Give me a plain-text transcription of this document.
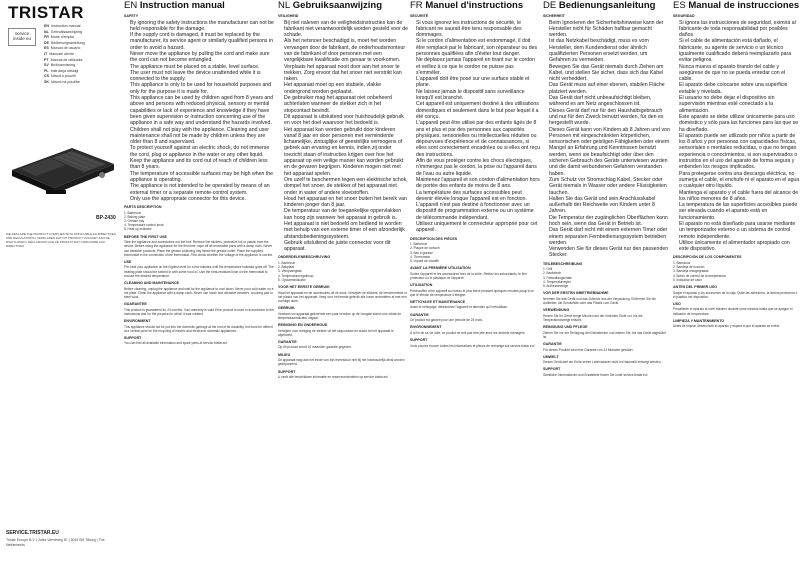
TRISTAR
service inside eu
EN Instruction manual
NL Gebruiksaanwijzing
FR Mode d'emploi
DE Bedienungsanleitung
ES Manual de usuario
IT Manuale utente
PT Manual de utilizador
SV Bruksanvisning
PL Instrukcja obsługi
CS Návod k použití
SK Návod na použitie
BP-2430
WE DECLARE THE PRODUCT COMPLIES WITH APPLICABLE EU DIRECTIVES AND REGULATIONS | VERKLAREN DAT DIT PRODUCT VOLDOET AAN DE RICHTLIJNEN | DÉCLARONS QUE CE PRODUIT EST CONFORME AUX DIRECTIVES
SERVICE.TRISTAR.EU
Tristar Europe B.V. | Jules Verneweg 87 | 5015 BH Tilburg | The Netherlands
EN Instruction manual
SAFETY
• By ignoring the safety instructions the manufacturer can not be held responsible for the damage.
• If the supply cord is damaged, it must be replaced by the manufacturer, its service agent or similarly qualified persons in order to avoid a hazard.
• Never move the appliance by pulling the cord and make sure the cord can not become entangled.
• The appliance must be placed on a stable, level surface.
• The user must not leave the device unattended while it is connected to the supply.
• This appliance is only to be used for household purposes and only for the purpose it is made for.
• This appliance can be used by children aged from 8 years and above and persons with reduced physical, sensory or mental capabilities or lack of experience and knowledge if they have been given supervision or instruction concerning use of the appliance in a safe way and understand the hazards involved. Children shall not play with the appliance. Cleaning and user maintenance shall not be made by children unless they are older than 8 and supervised.
• To protect yourself against an electric shock, do not immerse the cord, plug or appliance in the water or any other liquid.
• Keep the appliance and its cord out of reach of children less than 8 years.
• The temperature of accessible surfaces may be high when the appliance is operating.
• The appliance is not intended to be operated by means of an external timer or a separate remote-control system.
• Only use the appropriate connector for this device.
PARTS DESCRIPTION
1. Barbecue
2. Baking plate
3. Grease tray
4. Temperature control knob
5. Heat up indicator
BEFORE THE FIRST USE

Take the appliance and accessories out the box. Remove the stickers, protective foil or plastic from the device. Before using the appliance for the first time, wipe off all removable parts with a damp cloth. Never use abrasive products. Place the grease collecting tray below the grease outlet. Place the supplied thermostat in the connection of the thermostat. First check whether the voltage of the appliance is correct.

USE

Pre-heat your appliance on the highest level for a few minutes until the temperature indicator goes off. The heating plate should be rubbed in with some food oil. Use the heat-resistant knob on the thermostat to choose the desired temperature.

CLEANING AND MAINTENANCE

Before cleaning, unplug the appliance and wait for the appliance to cool down. Never pour cold water on a hot plate. Clean the appliance with a damp cloth. Never use harsh and abrasive cleaners, scouring pad or steel wool.

GUARANTEE

This product is guaranteed for 24 months. Your warranty is valid if the product is used in accordance to the instructions and for the purpose for which it was created.

ENVIRONMENT

This appliance should not be put into the domestic garbage at the end of its durability, but must be offered at a central point for the recycling of electric and electronic domestic appliances.

SUPPORT

You can find all available information and spare parts at service.tristar.eu!

NL Gebruiksaanwijzing
VEILIGHEID
• Bij niet naleven van de veiligheidsinstructies kan de fabrikant niet verantwoordelijk worden gesteld voor de schade.
• Als het netsnoer beschadigd is, moet het worden vervangen door de fabrikant, de onderhoudsmonteur van de fabrikant of door personen met een vergelijkbare kwalificatie om gevaar te voorkomen.
• Verplaats het apparaat nooit door aan het snoer te trekken. Zorg ervoor dat het snoer niet verstrikt kan raken.
• Het apparaat moet op een stabiele, vlakke ondergrond worden geplaatst.
• De gebruiker mag het apparaat niet onbeheerd achterlaten wanneer de stekker zich in het stopcontact bevindt.
• Dit apparaat is uitsluitend voor huishoudelijk gebruik en voor het doel waarvoor het bedoeld is.
• Het apparaat kan worden gebruikt door kinderen vanaf 8 jaar en door personen met verminderde lichamelijke, zintuiglijke of geestelijke vermogens of gebrek aan ervaring en kennis, indien zij onder toezicht staan of instructies krijgen over hoe het apparaat op een veilige manier kan worden gebruikt en de gevaren begrijpen. Kinderen mogen niet met het apparaat spelen.
• Om uzelf te beschermen tegen een elektrische schok, dompel het snoer, de stekker of het apparaat niet onder in water of andere vloeistoffen.
• Houd het apparaat en het snoer buiten het bereik van kinderen jonger dan 8 jaar.
• De temperatuur van de toegankelijke oppervlakken kan hoog zijn wanneer het apparaat in gebruik is.
• Het apparaat is niet bedoeld om bediend te worden met behulp van een externe timer of een afzonderlijk afstandsbedieningssysteem.
• Gebruik uitsluitend de juiste connector voor dit apparaat.
ONDERDELENBESCHRIJVING
1. Barbecue
2. Bakplaat
3. Vetopvangbak
4. Temperatuurregelknop
5. Opwarmindicator
VOOR HET EERSTE GEBRUIK

Haal het apparaat en de accessoires uit de doos. Verwijder de stickers, de beschermfolie of het plastic van het apparaat. Veeg voor het eerste gebruik alle losse onderdelen af met een vochtige doek.

GEBRUIK

Verwarm uw apparaat gedurende een paar minuten op de hoogste stand voor totdat de temperatuurindicator uitgaat.

REINIGING EN ONDERHOUD

Verwijder voor reiniging de stekker uit het stopcontact en wacht tot het apparaat is afgekoeld.

GARANTIE

Op dit product wordt 24 maanden garantie gegeven.

MILIEU

Dit apparaat mag aan het einde van zijn levensduur niet bij het huishoudelijk afval worden gedeponeerd.

SUPPORT

U vindt alle beschikbare informatie en reserveonderdelen op service.tristar.eu!

FR Manuel d'instructions
SÉCURITÉ
• Si vous ignorez les instructions de sécurité, le fabricant ne saurait être tenu responsable des dommages.
• Si le cordon d'alimentation est endommagé, il doit être remplacé par le fabricant, son réparateur ou des personnes qualifiées afin d'éviter tout danger.
• Ne déplacez jamais l'appareil en tirant sur le cordon et veillez à ce que le cordon ne puisse pas s'emmêler.
• L'appareil doit être posé sur une surface stable et plane.
• Ne laissez jamais le dispositif sans surveillance lorsqu'il est branché.
• Cet appareil est uniquement destiné à des utilisations domestiques et seulement dans le but pour lequel il a été conçu.
• L'appareil peut être utilisé par des enfants âgés de 8 ans et plus et par des personnes aux capacités physiques, sensorielles ou intellectuelles réduites ou dépourvues d'expérience et de connaissances, si elles sont correctement encadrées ou si elles ont reçu des instructions.
• Afin de vous protéger contre les chocs électriques, n'immergez pas le cordon, la prise ou l'appareil dans de l'eau ou autre liquide.
• Maintenez l'appareil et son cordon d'alimentation hors de portée des enfants de moins de 8 ans.
• La température des surfaces accessibles peut devenir élevée lorsque l'appareil est en fonction.
• L'appareil n'est pas destiné à fonctionner avec un dispositif de programmation externe ou un système de télécommande indépendant.
• Utilisez uniquement le connecteur approprié pour cet appareil.
DESCRIPTION DES PIÈCES
1. Barbecue
2. Plaque de cuisson
3. Bac à graisse
4. Thermostat
5. Voyant de chauffe
AVANT LA PREMIÈRE UTILISATION

Sortez l'appareil et les accessoires hors de la boîte. Retirez les autocollants, le film protecteur ou le plastique de l'appareil.

UTILISATION

Préchauffez votre appareil au niveau le plus élevé pendant quelques minutes jusqu'à ce que le témoin de température s'éteigne.

NETTOYAGE ET MAINTENANCE

Avant le nettoyage, débranchez l'appareil et attendez qu'il refroidisse.

GARANTIE

Ce produit est garanti pour une période de 24 mois.

ENVIRONNEMENT

À la fin de sa vie utile, ce produit ne doit pas être jeté avec les déchets ménagers.

SUPPORT

Vous pouvez trouver toutes les informations et pièces de rechange sur service.tristar.eu !

DE Bedienungsanleitung
SICHERHEIT
• Beim Ignorieren der Sicherheitshinweise kann der Hersteller nicht für Schäden haftbar gemacht werden.
• Ist das Netzkabel beschädigt, muss es vom Hersteller, dem Kundendienst oder ähnlich qualifizierten Personen ersetzt werden, um Gefahren zu vermeiden.
• Bewegen Sie das Gerät niemals durch Ziehen am Kabel, und stellen Sie sicher, dass sich das Kabel nicht verheddert.
• Das Gerät muss auf einer ebenen, stabilen Fläche platziert werden.
• Das Gerät darf nicht unbeaufsichtigt bleiben, während es am Netz angeschlossen ist.
• Dieses Gerät darf nur für den Haushaltsgebrauch und nur für den Zweck benutzt werden, für den es hergestellt wurde.
• Dieses Gerät kann von Kindern ab 8 Jahren und von Personen mit eingeschränkten körperlichen, sensorischen oder geistigen Fähigkeiten oder einem Mangel an Erfahrung und Kenntnissen benutzt werden, wenn sie beaufsichtigt oder über den sicheren Gebrauch des Geräts unterwiesen wurden und die damit verbundenen Gefahren verstanden haben.
• Zum Schutz vor Stromschlag Kabel, Stecker oder Gerät niemals in Wasser oder andere Flüssigkeiten tauchen.
• Halten Sie das Gerät und sein Anschlusskabel außerhalb der Reichweite von Kindern unter 8 Jahren.
• Die Temperatur der zugänglichen Oberflächen kann hoch sein, wenn das Gerät in Betrieb ist.
• Das Gerät darf nicht mit einem externen Timer oder einem separaten Fernbedienungssystem betrieben werden.
• Verwenden Sie für dieses Gerät nur den passenden Stecker.
TEILEBESCHREIBUNG
1. Grill
2. Backblech
3. Fettauffangschale
4. Temperaturregler
5. Aufheizanzeige
VOR DER ERSTEN INBETRIEBNAHME

Nehmen Sie das Gerät und das Zubehör aus der Verpackung. Entfernen Sie die Aufkleber, die Schutzfolie oder das Plastik vom Gerät.

VERWENDUNG

Heizen Sie Ihr Gerät einige Minuten auf der höchsten Stufe vor, bis die Temperaturanzeige erlischt.

REINIGUNG UND PFLEGE

Ziehen Sie vor der Reinigung den Netzstecker und warten Sie, bis das Gerät abgekühlt ist.

GARANTIE

Für dieses Produkt wird eine Garantie von 24 Monaten gewährt.

UMWELT

Dieses Gerät darf am Ende seiner Lebensdauer nicht im Hausmüll entsorgt werden.

SUPPORT

Sämtliche Informationen und Ersatzteile finden Sie unter service.tristar.eu!

ES Manual de instrucciones
SEGURIDAD
• Si ignora las instrucciones de seguridad, eximirá al fabricante de toda responsabilidad por posibles daños.
• Si el cable de alimentación está dañado, el fabricante, su agente de servicio o un técnico igualmente cualificado deberá reemplazarlo para evitar peligros.
• Nunca mueva el aparato tirando del cable y asegúrese de que no se pueda enredar con el cable.
• El aparato debe colocarse sobre una superficie estable y nivelada.
• El usuario no debe dejar el dispositivo sin supervisión mientras esté conectado a la alimentación.
• Este aparato se debe utilizar únicamente para uso doméstico y sólo para las funciones para las que se ha diseñado.
• El aparato puede ser utilizado por niños a partir de los 8 años y por personas con capacidades físicas, sensoriales o mentales reducidas, o que no tengan experiencia o conocimientos, si son supervisados o instruidos en el uso del aparato de forma segura y entienden los riesgos implicados.
• Para protegerse contra una descarga eléctrica, no sumerja el cable, el enchufe ni el aparato en el agua o cualquier otro líquido.
• Mantenga el aparato y el cable fuera del alcance de los niños menores de 8 años.
• La temperatura de las superficies accesibles puede ser elevada cuando el aparato está en funcionamiento.
• El aparato no está diseñado para usarse mediante un temporizador externo o un sistema de control remoto independiente.
• Utilice únicamente el alimentador apropiado con este dispositivo.
DESCRIPCIÓN DE LOS COMPONENTES
1. Barbacoa
2. Bandeja de cocción
3. Bandeja recogegrasas
4. Botón de control de la temperatura
5. Indicador de calor
ANTES DEL PRIMER USO

Saque el aparato y los accesorios de la caja. Quite las adhesivos, la lámina protectora o el plástico del dispositivo.

USO

Precaliente el aparato al nivel máximo durante unos minutos hasta que se apague el indicador de temperatura.

LIMPIEZA Y MANTENIMIENTO

Antes de limpiar, desenchufe el aparato y espere a que el aparato se enfríe.
